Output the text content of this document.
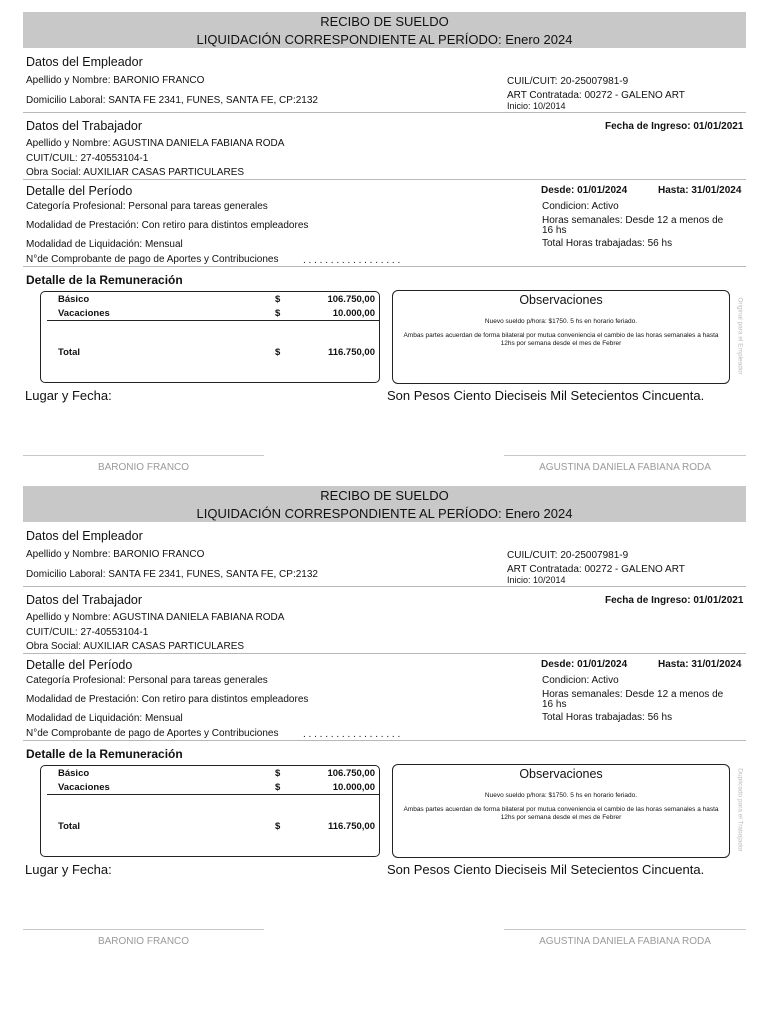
RECIBO DE SUELDO
LIQUIDACIÓN CORRESPONDIENTE AL PERÍODO: Enero 2024
Datos del Empleador
Apellido y Nombre: BARONIO FRANCO
Domicilio Laboral: SANTA FE 2341, FUNES, SANTA FE, CP:2132
CUIL/CUIT: 20-25007981-9
ART Contratada: 00272 - GALENO ART
Inicio: 10/2014
Datos del Trabajador	Fecha de Ingreso: 01/01/2021
Apellido y Nombre: AGUSTINA DANIELA FABIANA RODA
CUIT/CUIL: 27-40553104-1
Obra Social: AUXILIAR CASAS PARTICULARES
Detalle del Período	Desde: 01/01/2024	Hasta: 31/01/2024
Categoría Profesional: Personal para tareas generales
Modalidad de Prestación: Con retiro para distintos empleadores
Modalidad de Liquidación: Mensual
N°de Comprobante de pago de Aportes y Contribuciones . . . . . . . . . . . . . . . . . .
Condicion: Activo
Horas semanales: Desde 12 a menos de
16 hs
Total Horas trabajadas: 56 hs
Detalle de la Remuneración
Básico	$	106.750,00
Vacaciones	$	10.000,00
Total	$	116.750,00
Observaciones
Nuevo sueldo p/hora: $1750. 5 hs en horario feriado.
Ambas partes acuerdan de forma bilateral por mutua conveniencia el cambio de las horas semanales a hasta 12hs por semana desde el mes de Febrer	Original para el Empleador
Lugar y Fecha:	Son Pesos Ciento Dieciseis Mil Setecientos Cincuenta.
BARONIO FRANCO	AGUSTINA DANIELA FABIANA RODA
RECIBO DE SUELDO
LIQUIDACIÓN CORRESPONDIENTE AL PERÍODO: Enero 2024
Datos del Empleador
Apellido y Nombre: BARONIO FRANCO
Domicilio Laboral: SANTA FE 2341, FUNES, SANTA FE, CP:2132
CUIL/CUIT: 20-25007981-9
ART Contratada: 00272 - GALENO ART
Inicio: 10/2014
Datos del Trabajador	Fecha de Ingreso: 01/01/2021
Apellido y Nombre: AGUSTINA DANIELA FABIANA RODA
CUIT/CUIL: 27-40553104-1
Obra Social: AUXILIAR CASAS PARTICULARES
Detalle del Período	Desde: 01/01/2024	Hasta: 31/01/2024
Categoría Profesional: Personal para tareas generales
Modalidad de Prestación: Con retiro para distintos empleadores
Modalidad de Liquidación: Mensual
N°de Comprobante de pago de Aportes y Contribuciones . . . . . . . . . . . . . . . . . .
Condicion: Activo
Horas semanales: Desde 12 a menos de
16 hs
Total Horas trabajadas: 56 hs
Detalle de la Remuneración
Básico	$	106.750,00
Vacaciones	$	10.000,00
Total	$	116.750,00
Observaciones
Nuevo sueldo p/hora: $1750. 5 hs en horario feriado.
Ambas partes acuerdan de forma bilateral por mutua conveniencia el cambio de las horas semanales a hasta 12hs por semana desde el mes de Febrer	Duplicado para el Trabajador
Lugar y Fecha:	Son Pesos Ciento Dieciseis Mil Setecientos Cincuenta.
BARONIO FRANCO	AGUSTINA DANIELA FABIANA RODA
